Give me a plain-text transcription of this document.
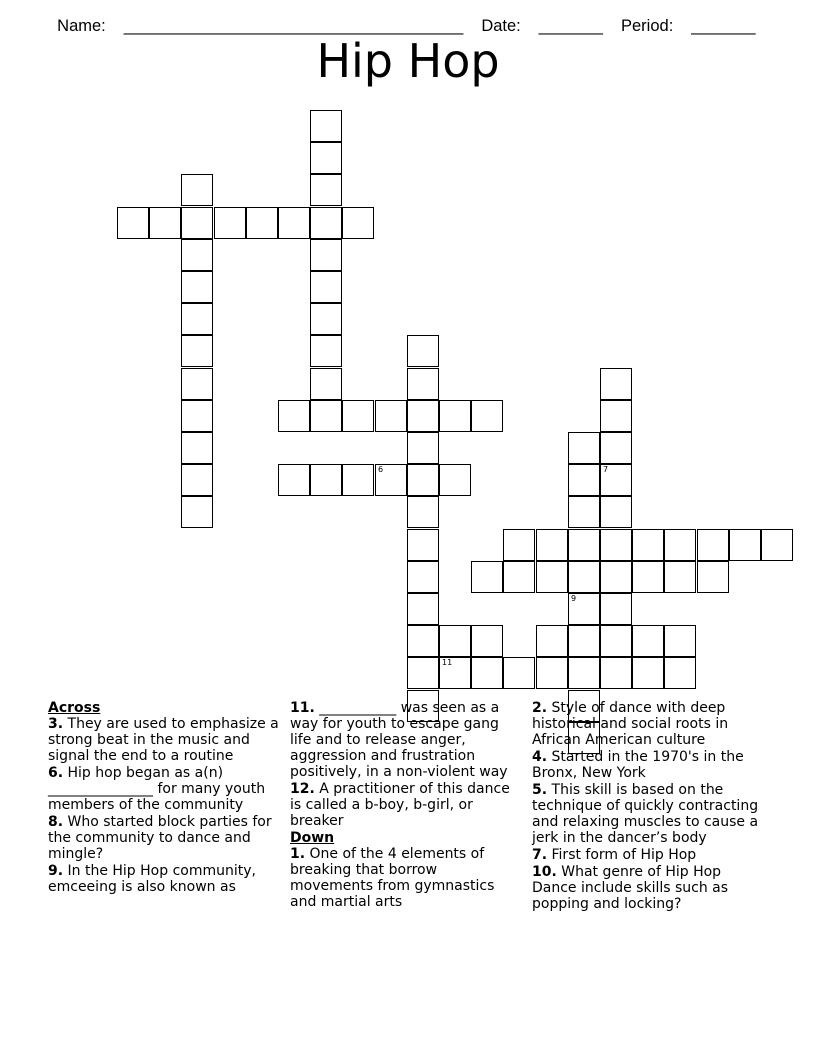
Name: _____________________________________ Date: _______ Period: _______

Hip Hop
7
9
6
11

Across

3. They are used to emphasize a strong beat in the music and signal the end to a routine

6. Hip hop began as a(n) _______________ for many youth members of the community

8. Who started block parties for the community to dance and mingle?

9. In the Hip Hop community, emceeing is also known as

11. ___________ was seen as a way for youth to escape gang life and to release anger, aggression and frustration positively, in a non-violent way

12. A practitioner of this dance is called a b-boy, b-girl, or breaker

Down

1. One of the 4 elements of breaking that borrow movements from gymnastics and martial arts

2. Style of dance with deep historical and social roots in African American culture

4. Started in the 1970's in the Bronx, New York

5. This skill is based on the technique of quickly contracting and relaxing muscles to cause a jerk in the dancer’s body

7. First form of Hip Hop

10. What genre of Hip Hop Dance include skills such as popping and locking?
